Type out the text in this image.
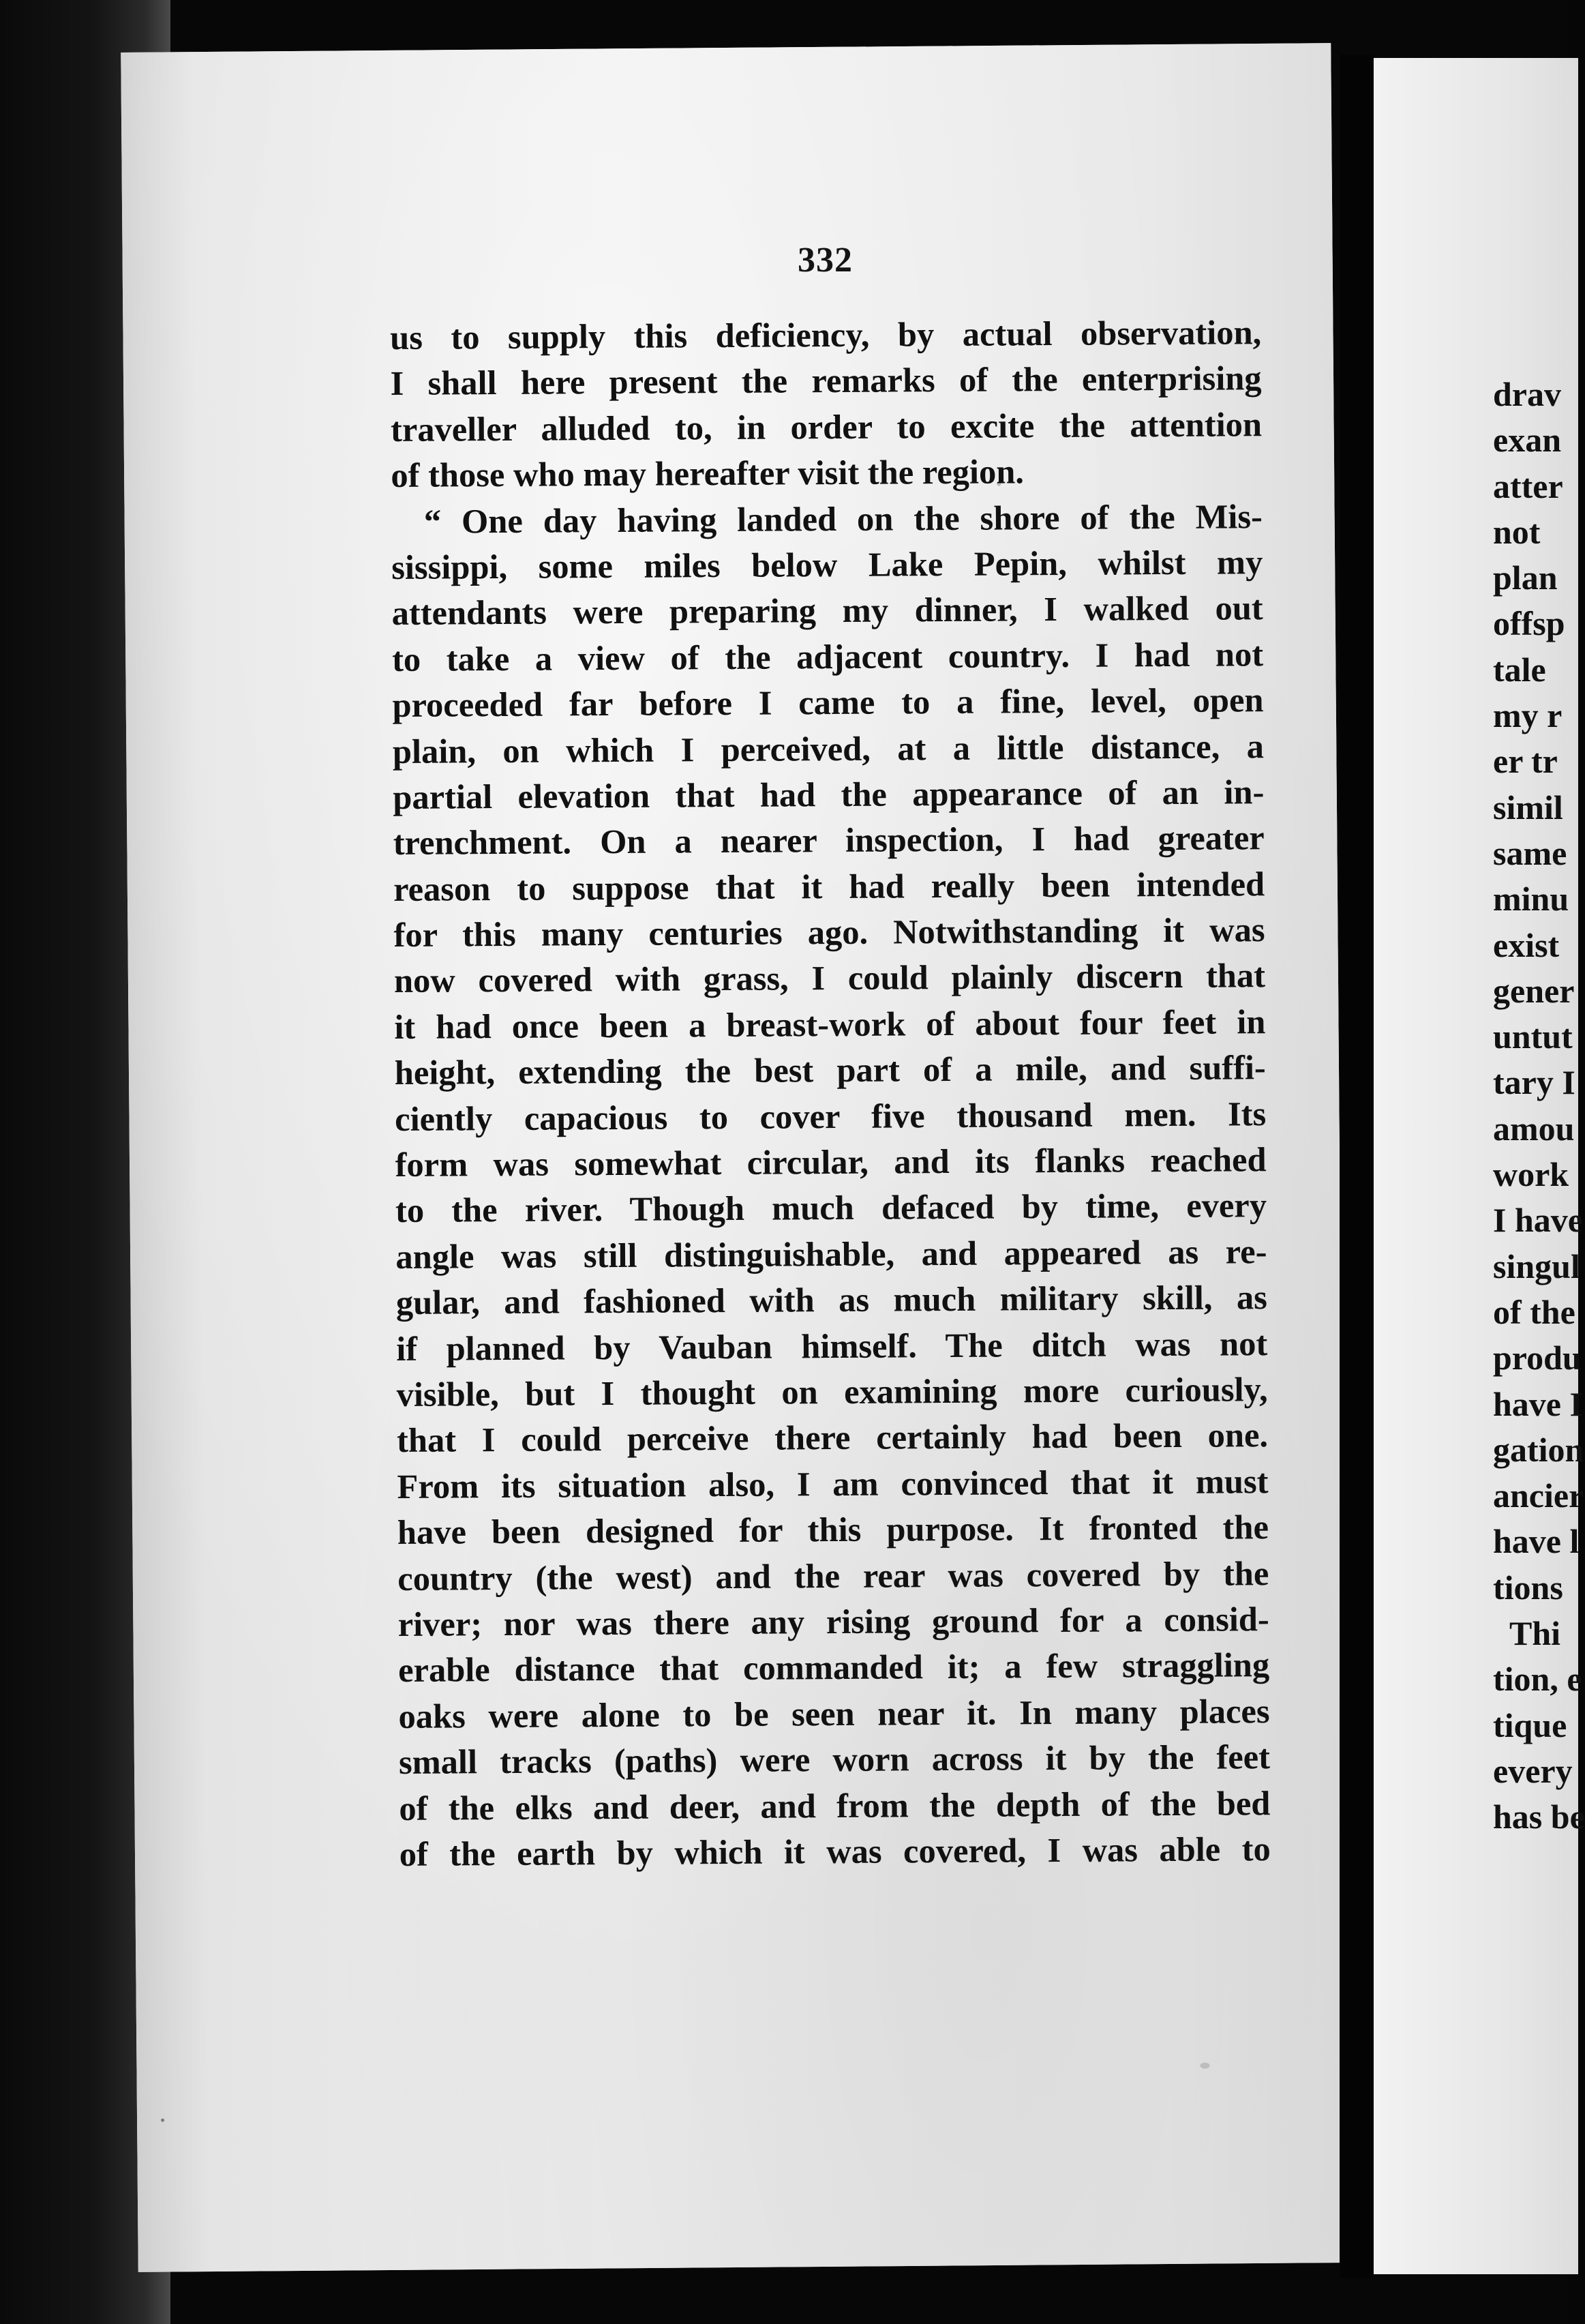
332
us to supply this deficiency, by actual observation,
I shall here present the remarks of the enterprising
traveller alluded to, in order to excite the attention
of those who may hereafter visit the region.
“ One day having landed on the shore of the Mis-
sissippi, some miles below Lake Pepin, whilst my
attendants were preparing my dinner, I walked out
to take a view of the adjacent country. I had not
proceeded far before I came to a fine, level, open
plain, on which I perceived, at a little distance, a
partial elevation that had the appearance of an in-
trenchment. On a nearer inspection, I had greater
reason to suppose that it had really been intended
for this many centuries ago. Notwithstanding it was
now covered with grass, I could plainly discern that
it had once been a breast-work of about four feet in
height, extending the best part of a mile, and suffi-
ciently capacious to cover five thousand men. Its
form was somewhat circular, and its flanks reached
to the river. Though much defaced by time, every
angle was still distinguishable, and appeared as re-
gular, and fashioned with as much military skill, as
if planned by Vauban himself. The ditch was not
visible, but I thought on examining more curiously,
that I could perceive there certainly had been one.
From its situation also, I am convinced that it must
have been designed for this purpose. It fronted the
country (the west) and the rear was covered by the
river; nor was there any rising ground for a consid-
erable distance that commanded it; a few straggling
oaks were alone to be seen near it. In many places
small tracks (paths) were worn across it by the feet
of the elks and deer, and from the depth of the bed
of the earth by which it was covered, I was able to
drav
exan
atter
not
plan
offsp
tale
my r
er tr
simil
same
minu
exist
gener
untut
tary I
amou
work
I have
singul
of the
produ
have I
gation
ancier
have l
tions
Thi
tion, e
tique
every
has be
